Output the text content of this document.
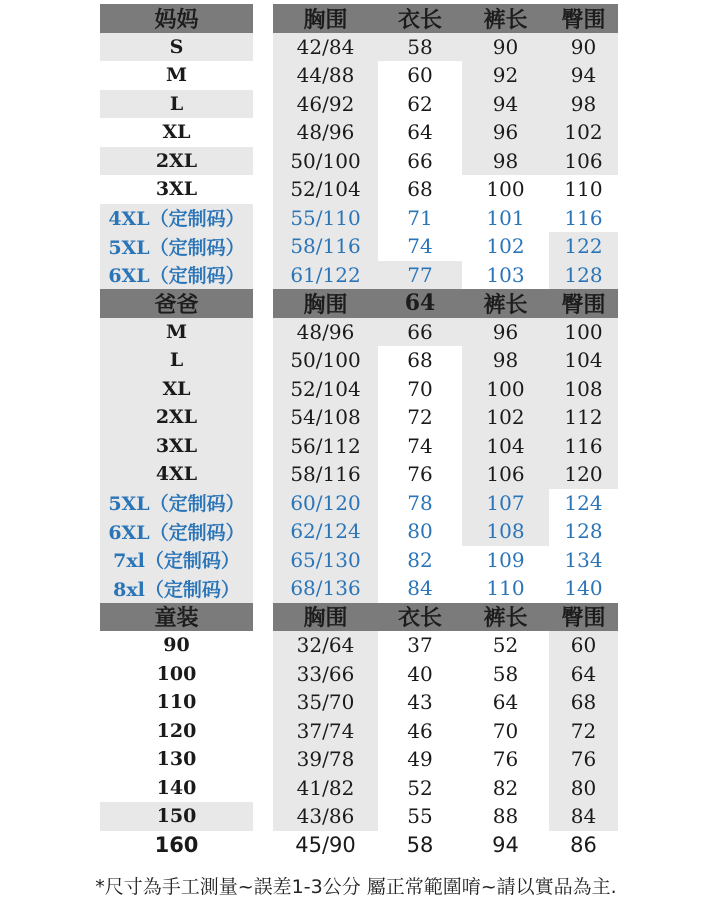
妈妈	胸围	衣长	裤长	臀围
S	42/84	58	90	90
M	44/88	60	92	94
L	46/92	62	94	98
XL	48/96	64	96	102
2XL	50/100	66	98	106
3XL	52/104	68	100	110
4XL（定制码）	55/110	71	101	116
5XL（定制码）	58/116	74	102	122
6XL（定制码）	61/122	77	103	128
爸爸	胸围	64	裤长	臀围
M	48/96	66	96	100
L	50/100	68	98	104
XL	52/104	70	100	108
2XL	54/108	72	102	112
3XL	56/112	74	104	116
4XL	58/116	76	106	120
5XL（定制码）	60/120	78	107	124
6XL（定制码）	62/124	80	108	128
7xl（定制码）	65/130	82	109	134
8xl（定制码）	68/136	84	110	140
童装	胸围	衣长	裤长	臀围
90	32/64	37	52	60
100	33/66	40	58	64
110	35/70	43	64	68
120	37/74	46	70	72
130	39/78	49	76	76
140	41/82	52	82	80
150	43/86	55	88	84
160	45/90	58	94	86
*尺寸為手工測量~誤差1-3公分 屬正常範圍唷~請以實品為主.
